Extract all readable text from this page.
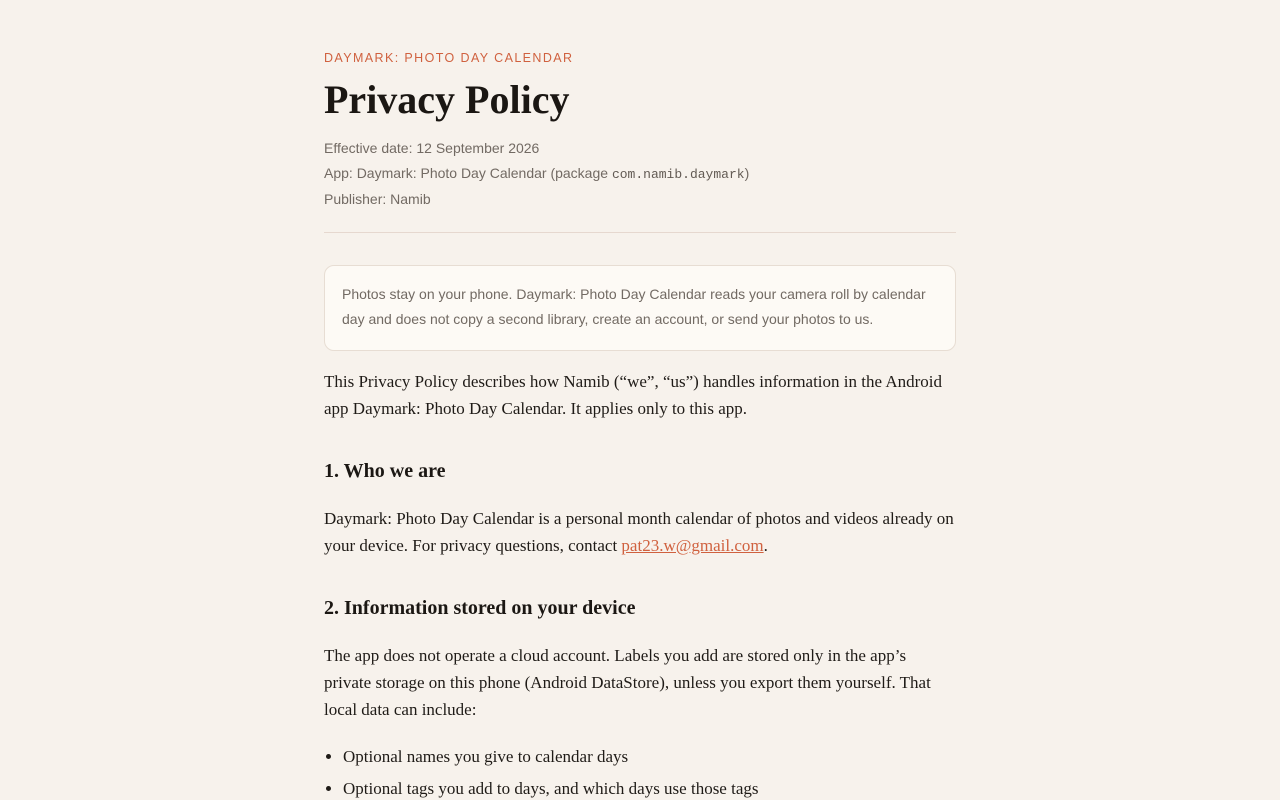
DAYMARK: PHOTO DAY CALENDAR

Privacy Policy

Effective date: 12 September 2026

App: Daymark: Photo Day Calendar (package com.namib.daymark)

Publisher: Namib

Photos stay on your phone. Daymark: Photo Day Calendar reads your camera roll by calendar day and does not copy a second library, create an account, or send your photos to us.

This Privacy Policy describes how Namib (“we”, “us”) handles information in the Android app Daymark: Photo Day Calendar. It applies only to this app.

1. Who we are

Daymark: Photo Day Calendar is a personal month calendar of photos and videos already on your device. For privacy questions, contact pat23.w@gmail.com.

2. Information stored on your device

The app does not operate a cloud account. Labels you add are stored only in the app’s private storage on this phone (Android DataStore), unless you export them yourself. That local data can include:

• Optional names you give to calendar days
• Optional tags you add to days, and which days use those tags
